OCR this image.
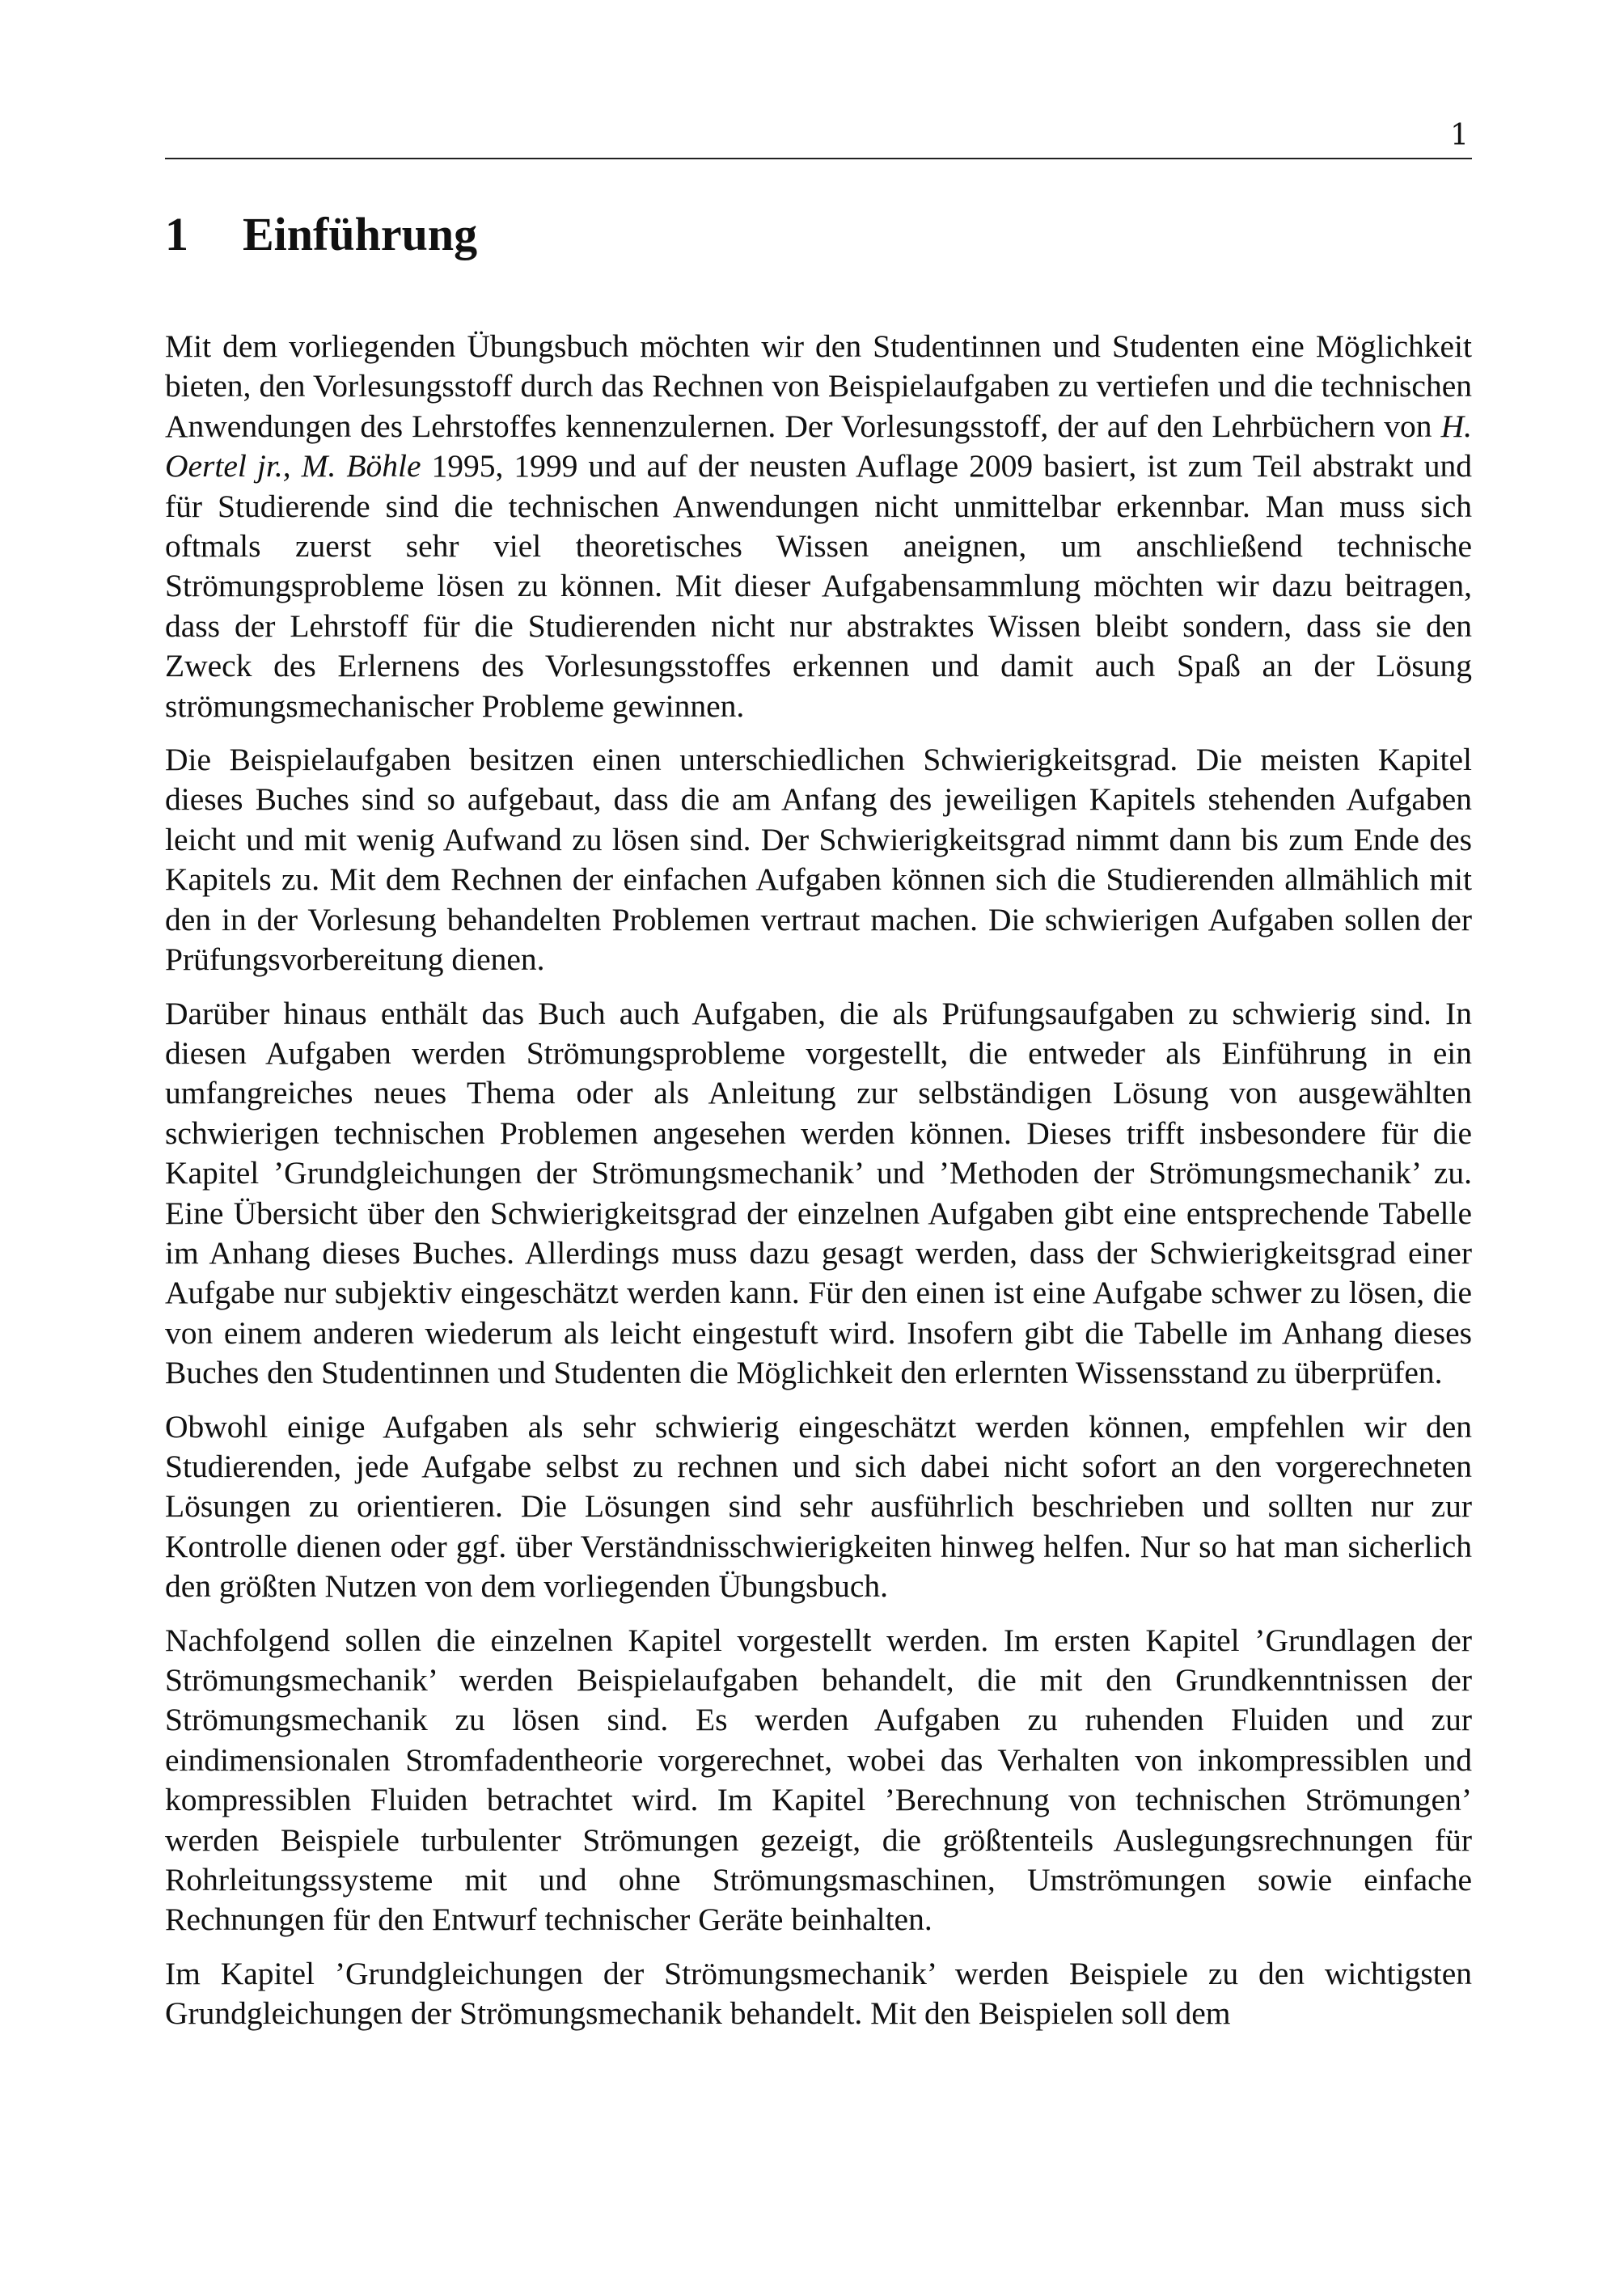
1
1 Einführung

Mit dem vorliegenden Übungsbuch möchten wir den Studentinnen und Studenten eine Möglichkeit bieten, den Vorlesungsstoff durch das Rechnen von Beispielaufgaben zu vertiefen und die technischen Anwendungen des Lehrstoffes kennenzulernen. Der Vorlesungsstoff, der auf den Lehrbüchern von H. Oertel jr., M. Böhle 1995, 1999 und auf der neusten Auflage 2009 basiert, ist zum Teil abstrakt und für Studierende sind die technischen Anwendungen nicht unmittelbar erkennbar. Man muss sich oftmals zuerst sehr viel theoretisches Wissen aneignen, um anschließend technische Strömungsprobleme lösen zu können. Mit dieser Aufgabensammlung möchten wir dazu beitragen, dass der Lehrstoff für die Studierenden nicht nur abstraktes Wissen bleibt sondern, dass sie den Zweck des Erlernens des Vorlesungsstoffes erkennen und damit auch Spaß an der Lösung strömungsmechanischer Probleme gewinnen.

Die Beispielaufgaben besitzen einen unterschiedlichen Schwierigkeitsgrad. Die meisten Kapitel dieses Buches sind so aufgebaut, dass die am Anfang des jeweiligen Kapitels stehenden Aufgaben leicht und mit wenig Aufwand zu lösen sind. Der Schwierigkeitsgrad nimmt dann bis zum Ende des Kapitels zu. Mit dem Rechnen der einfachen Aufgaben können sich die Studierenden allmählich mit den in der Vorlesung behandelten Problemen vertraut machen. Die schwierigen Aufgaben sollen der Prüfungsvorbereitung dienen.

Darüber hinaus enthält das Buch auch Aufgaben, die als Prüfungsaufgaben zu schwierig sind. In diesen Aufgaben werden Strömungsprobleme vorgestellt, die entweder als Einführung in ein umfangreiches neues Thema oder als Anleitung zur selbständigen Lösung von ausgewählten schwierigen technischen Problemen angesehen werden können. Dieses trifft insbesondere für die Kapitel ’Grundgleichungen der Strömungsmechanik’ und ’Methoden der Strömungsmechanik’ zu. Eine Übersicht über den Schwierigkeitsgrad der einzelnen Aufgaben gibt eine entsprechende Tabelle im Anhang dieses Buches. Allerdings muss dazu gesagt werden, dass der Schwierigkeitsgrad einer Aufgabe nur subjektiv eingeschätzt werden kann. Für den einen ist eine Aufgabe schwer zu lösen, die von einem anderen wiederum als leicht eingestuft wird. Insofern gibt die Tabelle im Anhang dieses Buches den Studentinnen und Studenten die Möglichkeit den erlernten Wissensstand zu überprüfen.

Obwohl einige Aufgaben als sehr schwierig eingeschätzt werden können, empfehlen wir den Studierenden, jede Aufgabe selbst zu rechnen und sich dabei nicht sofort an den vorgerechneten Lösungen zu orientieren. Die Lösungen sind sehr ausführlich beschrieben und sollten nur zur Kontrolle dienen oder ggf. über Verständnisschwierigkeiten hinweg helfen. Nur so hat man sicherlich den größten Nutzen von dem vorliegenden Übungsbuch.

Nachfolgend sollen die einzelnen Kapitel vorgestellt werden. Im ersten Kapitel ’Grundlagen der Strömungsmechanik’ werden Beispielaufgaben behandelt, die mit den Grundkenntnissen der Strömungsmechanik zu lösen sind. Es werden Aufgaben zu ruhenden Fluiden und zur eindimensionalen Stromfadentheorie vorgerechnet, wobei das Verhalten von inkompressiblen und kompressiblen Fluiden betrachtet wird. Im Kapitel ’Berechnung von technischen Strömungen’ werden Beispiele turbulenter Strömungen gezeigt, die größtenteils Auslegungsrechnungen für Rohrleitungssysteme mit und ohne Strömungsmaschinen, Umströmungen sowie einfache Rechnungen für den Entwurf technischer Geräte beinhalten.

Im Kapitel ’Grundgleichungen der Strömungsmechanik’ werden Beispiele zu den wichtigsten Grundgleichungen der Strömungsmechanik behandelt. Mit den Beispielen soll dem
